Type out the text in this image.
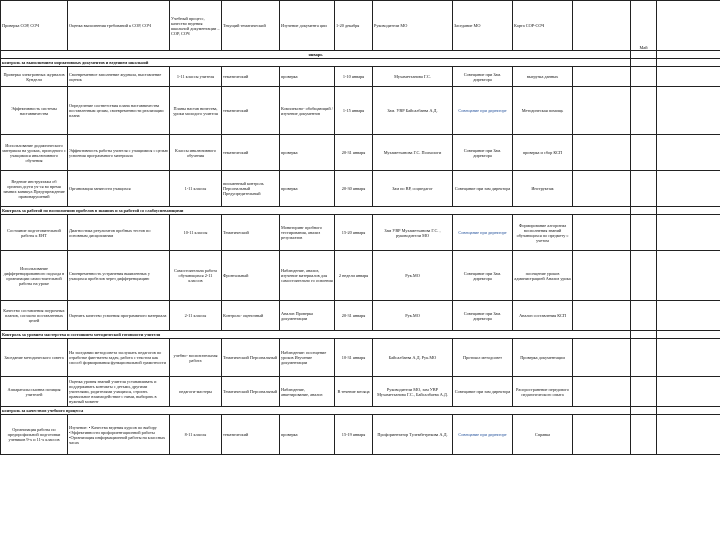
Проверка СОР, СОЧ	Оценка выполнения требований к СОР, СОЧ	Учебный процесс, качество ведения школьной документации – СОР, СОЧ	Текущий тематический	Изучение документа ции	1-20 декабря	Руководители МО	Заседание МО	Карта СОР-СОЧ		Май	
январь											
контроль за выполнением нормативных документов и ведением школьной											
Проверка электронных журналов Кундели	Своевременное заполнение журнала, выставление оценок	1-11 классы учителя	тематический	проверка	1-10 января	Мухаметханова Г.С.	Совещание при Зам. директора	выгрузка данных			
Эффективность системы наставничества	Определение соответствия плана наставничества поставленным целям, своевременности реализации плана	Планы настав ничества, уроки молодого учителя	тематический	Комплексно- обобщающий / изучение документов	1-15 января	Зам. УВР Байсалбаева А.Д.	Совещание при директоре	Методическая помощь			
Использование дидактического материала на уроках, пригодного с учащимися инклюзивного обучения	Эффективность работы учителя с учащимися с целью усвоения программного материала	Классы инклюзивного обучения	тематический	проверка	20-31 января	Мухаметханова Г.С. Психологи	Совещание при Зам. директора	проверка и сбор КСП			
Ведение инструктажа об организ.дсути уч-ся во время зимних каникул.Предупреждение правонарушений	Организация занятости учащихся	1-11 классы	письменный контроль Персональный Предупредительный	проверка	20-30 января	Зам по ВР, соцпедагог	Совещание при зам директора	Инструктаж			
Контроль за работой по восполнению пробелов в знаниях и за работой со слабоуспевающими											
Состояние подготовительной работы к ЕНТ	Диагностика результатов пробных тестов по основным дисциплинам	10-11 классы	Тематический	Мониторинг пробного тестирования, анализ результатов	15-20 января	Зам УВР Мухаметханова Г.С. , руководители МО	Совещание при директоре	Формирование алгоритма восполнения знаний обучающихся по предмету с учетом			
Использование дифференцированного подхода в организации самостоятельной работы на уроке	Своевременность устранения выявленных у учащихся пробелов через дифференциацию	Самостоятельна работа обучающихся 2-11 классов	Фронтальный	Наблюдение, анализ, изучение материалов для самостоятельно го освоения	2 недели января	Рук.МО	Совещание при Зам. директора	посещение уроков администрацией Анализ урока			
Качество составления поурочных планов, согласно поставленных целей	Оценить качество усвоения программного материала	2-11 классы	Контроль- оценочный	Анализ Проверка документации	20-31 января	Рук.МО	Совещание при Зам. директора	Анализ составления КСП			
Контроль за уровнем мастерства и состоянием методической готовности учителя											
Заседание методического совета	На заседании методсовета заслушать педагогов по отработке фин-натем задач, работа с текстом как способ формирования функциональной грамотности	учебно- воспитательная работа	Тематический Персональный	Наблюдение: посещение уроков Изучение документации	10-31 января	Байсалбаева А.Д. Рук.МО	Протокол методсовет	Проверка документации			
Аппаратальссыонна позиция учителей	Оценка уровня знаний учителя устанавливать и поддерживать контакты с детьми, другими учителями, родителями учащихся, строить правильное взаимодействие с ними, выбирать в нужный момент	педагоги-мастеры	Тематический Персональный	Наблюдение, анкетирование, анализ	В течение месяца	Руководители МО, зам УВР Мухаметханова Г.С., Байсалбаева А.Д.	Совещание при зам директора	Распространение передового педагогического опыта			
контроль за качеством учебного процесса											
Организация работы по предпрофильной подготовки учеников 9-х и 11-х классов	Изучение: • Качества ведения курсов по выбору •Эффективности профориентационной работы •Организация информационной работы на классных часах	8-11 классы	тематический	проверка	15-19 января	Профориентатор Тулембетрекова А.Д.	Совещание при директоре	Справка			
